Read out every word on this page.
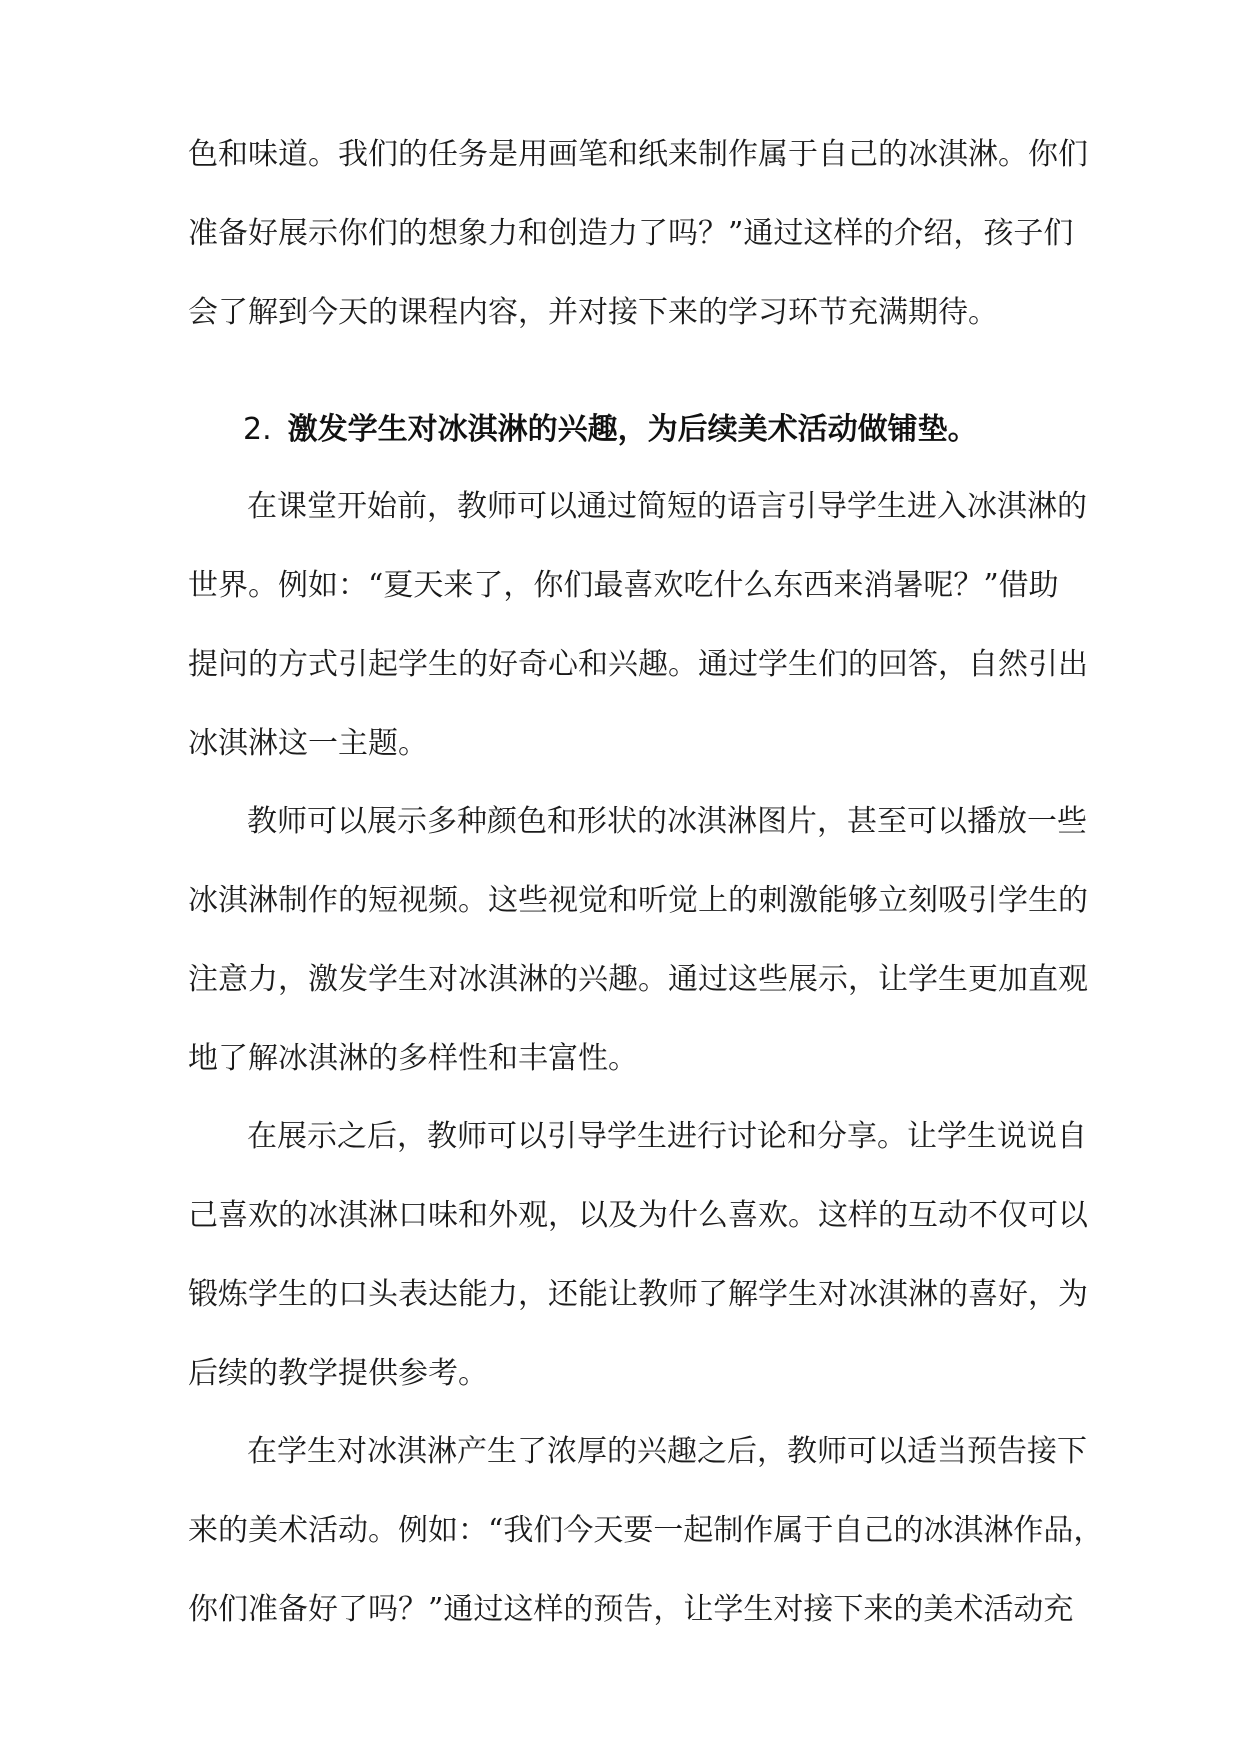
色和味道。我们的任务是用画笔和纸来制作属于自己的冰淇淋。你们

准备好展示你们的想象力和创造力了吗？”通过这样的介绍，孩子们

会了解到今天的课程内容，并对接下来的学习环节充满期待。

2. 激发学生对冰淇淋的兴趣，为后续美术活动做铺垫。

在课堂开始前，教师可以通过简短的语言引导学生进入冰淇淋的

世界。例如：“夏天来了，你们最喜欢吃什么东西来消暑呢？”借助

提问的方式引起学生的好奇心和兴趣。通过学生们的回答，自然引出

冰淇淋这一主题。

教师可以展示多种颜色和形状的冰淇淋图片，甚至可以播放一些

冰淇淋制作的短视频。这些视觉和听觉上的刺激能够立刻吸引学生的

注意力，激发学生对冰淇淋的兴趣。通过这些展示，让学生更加直观

地了解冰淇淋的多样性和丰富性。

在展示之后，教师可以引导学生进行讨论和分享。让学生说说自

己喜欢的冰淇淋口味和外观，以及为什么喜欢。这样的互动不仅可以

锻炼学生的口头表达能力，还能让教师了解学生对冰淇淋的喜好，为

后续的教学提供参考。

在学生对冰淇淋产生了浓厚的兴趣之后，教师可以适当预告接下

来的美术活动。例如：“我们今天要一起制作属于自己的冰淇淋作品，

你们准备好了吗？”通过这样的预告，让学生对接下来的美术活动充
